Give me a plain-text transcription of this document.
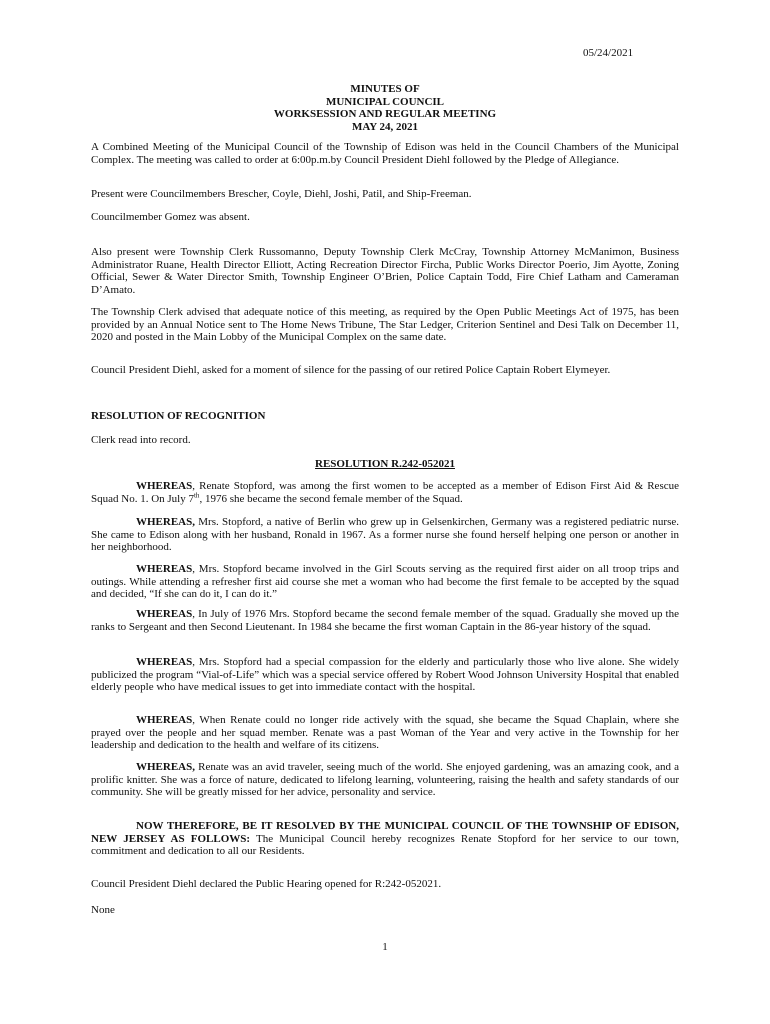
05/24/2021
MINUTES OF
MUNICIPAL COUNCIL
WORKSESSION AND REGULAR MEETING
MAY 24, 2021
A Combined Meeting of the Municipal Council of the Township of Edison was held in the Council Chambers of the Municipal Complex. The meeting was called to order at 6:00p.m.by Council President Diehl followed by the Pledge of Allegiance.
Present were Councilmembers Brescher, Coyle, Diehl, Joshi, Patil, and Ship-Freeman.
Councilmember Gomez was absent.
Also present were Township Clerk Russomanno, Deputy Township Clerk McCray, Township Attorney McManimon, Business Administrator Ruane, Health Director Elliott, Acting Recreation Director Fircha, Public Works Director Poerio, Jim Ayotte, Zoning Official, Sewer & Water Director Smith, Township Engineer O’Brien, Police Captain Todd, Fire Chief Latham and Cameraman D’Amato.
The Township Clerk advised that adequate notice of this meeting, as required by the Open Public Meetings Act of 1975, has been provided by an Annual Notice sent to The Home News Tribune, The Star Ledger, Criterion Sentinel and Desi Talk on December 11, 2020 and posted in the Main Lobby of the Municipal Complex on the same date.
Council President Diehl, asked for a moment of silence for the passing of our retired Police Captain Robert Elymeyer.
RESOLUTION OF RECOGNITION
Clerk read into record.
RESOLUTION R.242-052021
WHEREAS, Renate Stopford, was among the first women to be accepted as a member of Edison First Aid & Rescue Squad No. 1. On July 7th, 1976 she became the second female member of the Squad.
WHEREAS, Mrs. Stopford, a native of Berlin who grew up in Gelsenkirchen, Germany was a registered pediatric nurse. She came to Edison along with her husband, Ronald in 1967. As a former nurse she found herself helping one person or another in her neighborhood.
WHEREAS, Mrs. Stopford became involved in the Girl Scouts serving as the required first aider on all troop trips and outings. While attending a refresher first aid course she met a woman who had become the first female to be accepted by the squad and decided, “If she can do it, I can do it.”
WHEREAS, In July of 1976 Mrs. Stopford became the second female member of the squad. Gradually she moved up the ranks to Sergeant and then Second Lieutenant. In 1984 she became the first woman Captain in the 86-year history of the squad.
WHEREAS, Mrs. Stopford had a special compassion for the elderly and particularly those who live alone. She widely publicized the program “Vial-of-Life” which was a special service offered by Robert Wood Johnson University Hospital that enabled elderly people who have medical issues to get into immediate contact with the hospital.
WHEREAS, When Renate could no longer ride actively with the squad, she became the Squad Chaplain, where she prayed over the people and her squad member. Renate was a past Woman of the Year and very active in the Township for her leadership and dedication to the health and welfare of its citizens.
WHEREAS, Renate was an avid traveler, seeing much of the world. She enjoyed gardening, was an amazing cook, and a prolific knitter. She was a force of nature, dedicated to lifelong learning, volunteering, raising the health and safety standards of our community. She will be greatly missed for her advice, personality and service.
NOW THEREFORE, BE IT RESOLVED BY THE MUNICIPAL COUNCIL OF THE TOWNSHIP OF EDISON, NEW JERSEY AS FOLLOWS: The Municipal Council hereby recognizes Renate Stopford for her service to our town, commitment and dedication to all our Residents.
Council President Diehl declared the Public Hearing opened for R:242-052021.
None
1
